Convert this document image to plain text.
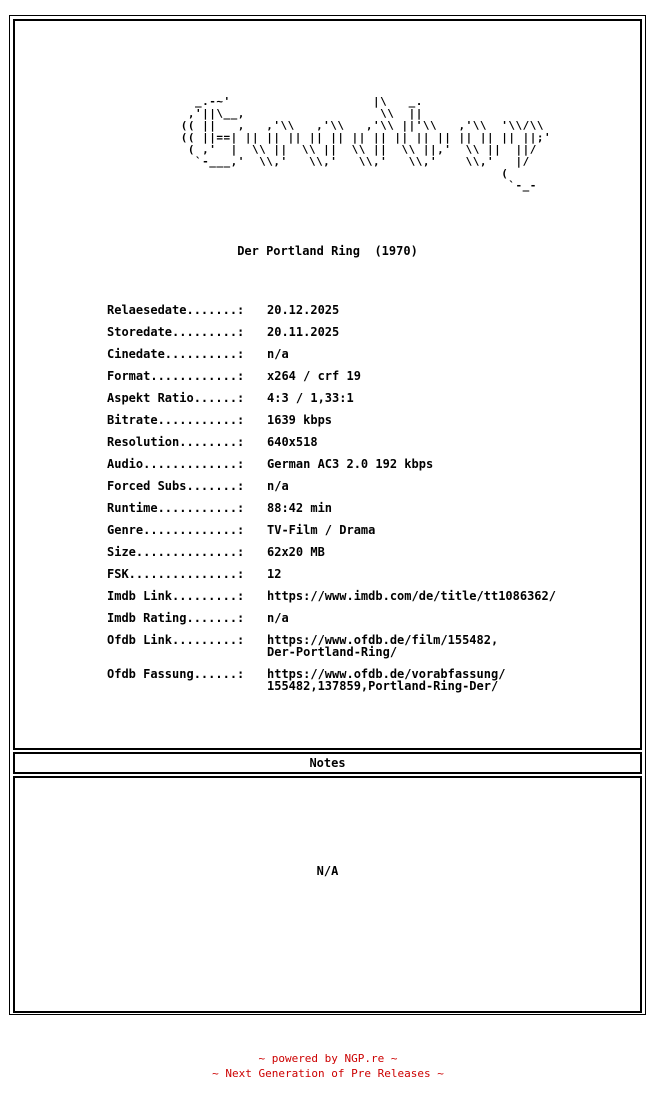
_.-~'                    |\   _.
,'||\__,                   \\  ||
(( ||   ,   ,'\\   ,'\\   ,'\\ ||'\\   ,'\\  '\\/\\
(( ||==| || || || || || || || || || || || || || ||;'
( ,'  |  \\ ||  \\ ||  \\ ||  \\ ||,'  \\ ||  ||/
`-___,'  \\,'   \\,'   \\,'   \\,'    \\,'   |/
(
`-_-
Der Portland Ring  (1970)
Relaesedate.......:	20.12.2025
Storedate.........:	20.11.2025
Cinedate..........:	n/a
Format............:	x264 / crf 19
Aspekt Ratio......:	4:3 / 1,33:1
Bitrate...........:	1639 kbps
Resolution........:	640x518
Audio.............:	German AC3 2.0 192 kbps
Forced Subs.......:	n/a
Runtime...........:	88:42 min
Genre.............:	TV-Film / Drama
Size..............:	62x20 MB
FSK...............:	12
Imdb Link.........:	https://www.imdb.com/de/title/tt1086362/
Imdb Rating.......:	n/a
Ofdb Link.........:	https://www.ofdb.de/film/155482,
Der-Portland-Ring/
Ofdb Fassung......:	https://www.ofdb.de/vorabfassung/
155482,137859,Portland-Ring-Der/
Notes
N/A
~ powered by NGP.re ~
~ Next Generation of Pre Releases ~
